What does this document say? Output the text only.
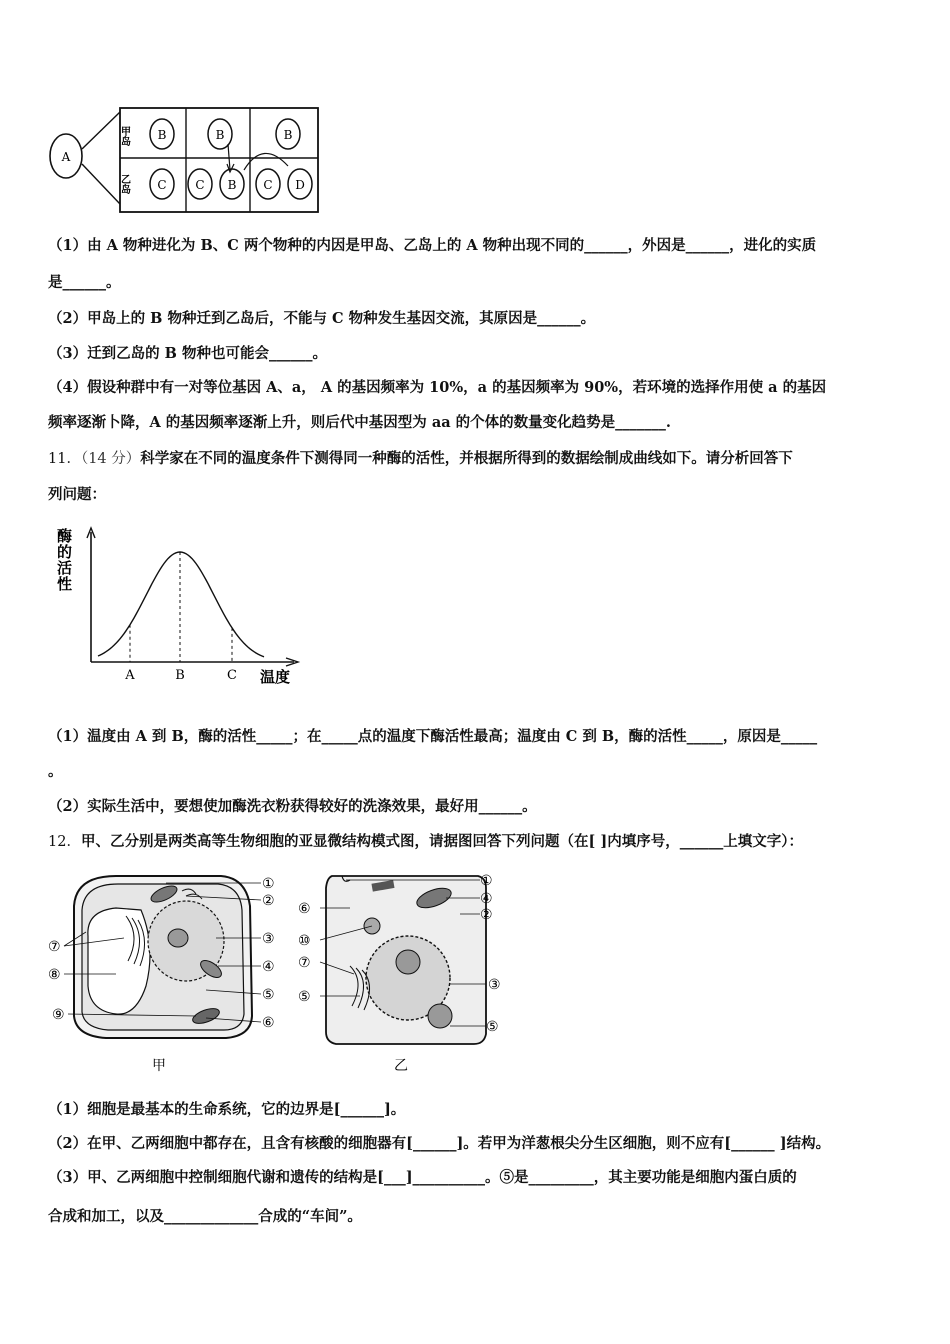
A
甲岛
乙岛
B	B	B
C C B C D
（1）由 A 物种进化为 B、C 两个物种的内因是甲岛、乙岛上的 A 物种出现不同的______，外因是______，进化的实质
是______。
（2）甲岛上的 B 物种迁到乙岛后，不能与 C 物种发生基因交流，其原因是______。
（3）迁到乙岛的 B 物种也可能会______。
（4）假设种群中有一对等位基因 A、a， A 的基因频率为 10%，a 的基因频率为 90%，若环境的选择作用使 a 的基因
频率逐渐卜降，A 的基因频率逐渐上升，则后代中基因型为 aa 的个体的数量变化趋势是_______.
11．（14 分）科学家在不同的温度条件下测得同一种酶的活性，并根据所得到的数据绘制成曲线如下。请分析回答下
列问题：
酶的活性
温度
A	B	C
（1）温度由 A 到 B，酶的活性_____；在_____点的温度下酶活性最高；温度由 C 到 B，酶的活性_____，原因是_____
。
（2）实际生活中，要想使加酶洗衣粉获得较好的洗涤效果，最好用______。
12．甲、乙分别是两类高等生物细胞的亚显微结构模式图，请据图回答下列问题（在[ ]内填序号，______上填文字）：
①
②
③
④
⑤
⑥
⑦
⑧
⑨
甲
①
④
②
⑥
⑩
⑦
⑤
③
⑤
乙
（1）细胞是最基本的生命系统，它的边界是[______]。
（2）在甲、乙两细胞中都存在，且含有核酸的细胞器有[______]。若甲为洋葱根尖分生区细胞，则不应有[______ ]结构。
（3）甲、乙两细胞中控制细胞代谢和遗传的结构是[___]__________。⑤是_________，其主要功能是细胞内蛋白质的
合成和加工，以及_____________合成的“车间”。
